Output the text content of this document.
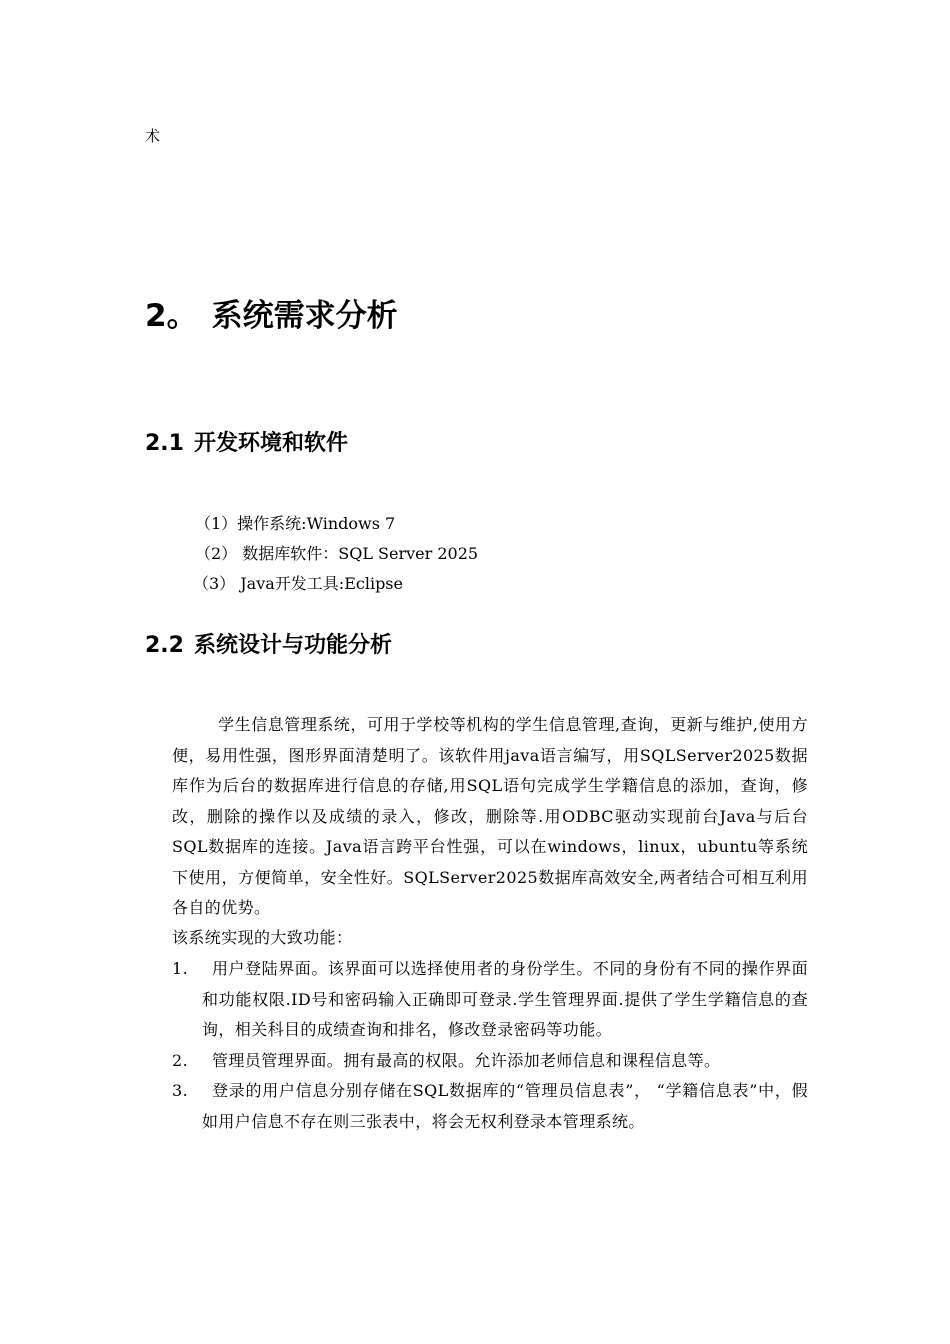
术
2。 系统需求分析
2.1 开发环境和软件
（1）操作系统:Windows 7
（2） 数据库软件：SQL Server 2025
（3） Java开发工具:Eclipse
2.2 系统设计与功能分析

学生信息管理系统，可用于学校等机构的学生信息管理,查询，更新与维护,使用方便，易用性强，图形界面清楚明了。该软件用java语言编写，用SQLServer2025数据库作为后台的数据库进行信息的存储,用SQL语句完成学生学籍信息的添加，查询，修改，删除的操作以及成绩的录入，修改，删除等.用ODBC驱动实现前台Java与后台SQL数据库的连接。Java语言跨平台性强，可以在windows，linux，ubuntu等系统下使用，方便简单，安全性好。SQLServer2025数据库高效安全,两者结合可相互利用各自的优势。

该系统实现的大致功能：
1.	用户登陆界面。该界面可以选择使用者的身份学生。不同的身份有不同的操作界面和功能权限.ID号和密码输入正确即可登录.学生管理界面.提供了学生学籍信息的查询，相关科目的成绩查询和排名，修改登录密码等功能。
2.	管理员管理界面。拥有最高的权限。允许添加老师信息和课程信息等。
3.	登录的用户信息分别存储在SQL数据库的“管理员信息表”， “学籍信息表”中，假如用户信息不存在则三张表中，将会无权利登录本管理系统。
